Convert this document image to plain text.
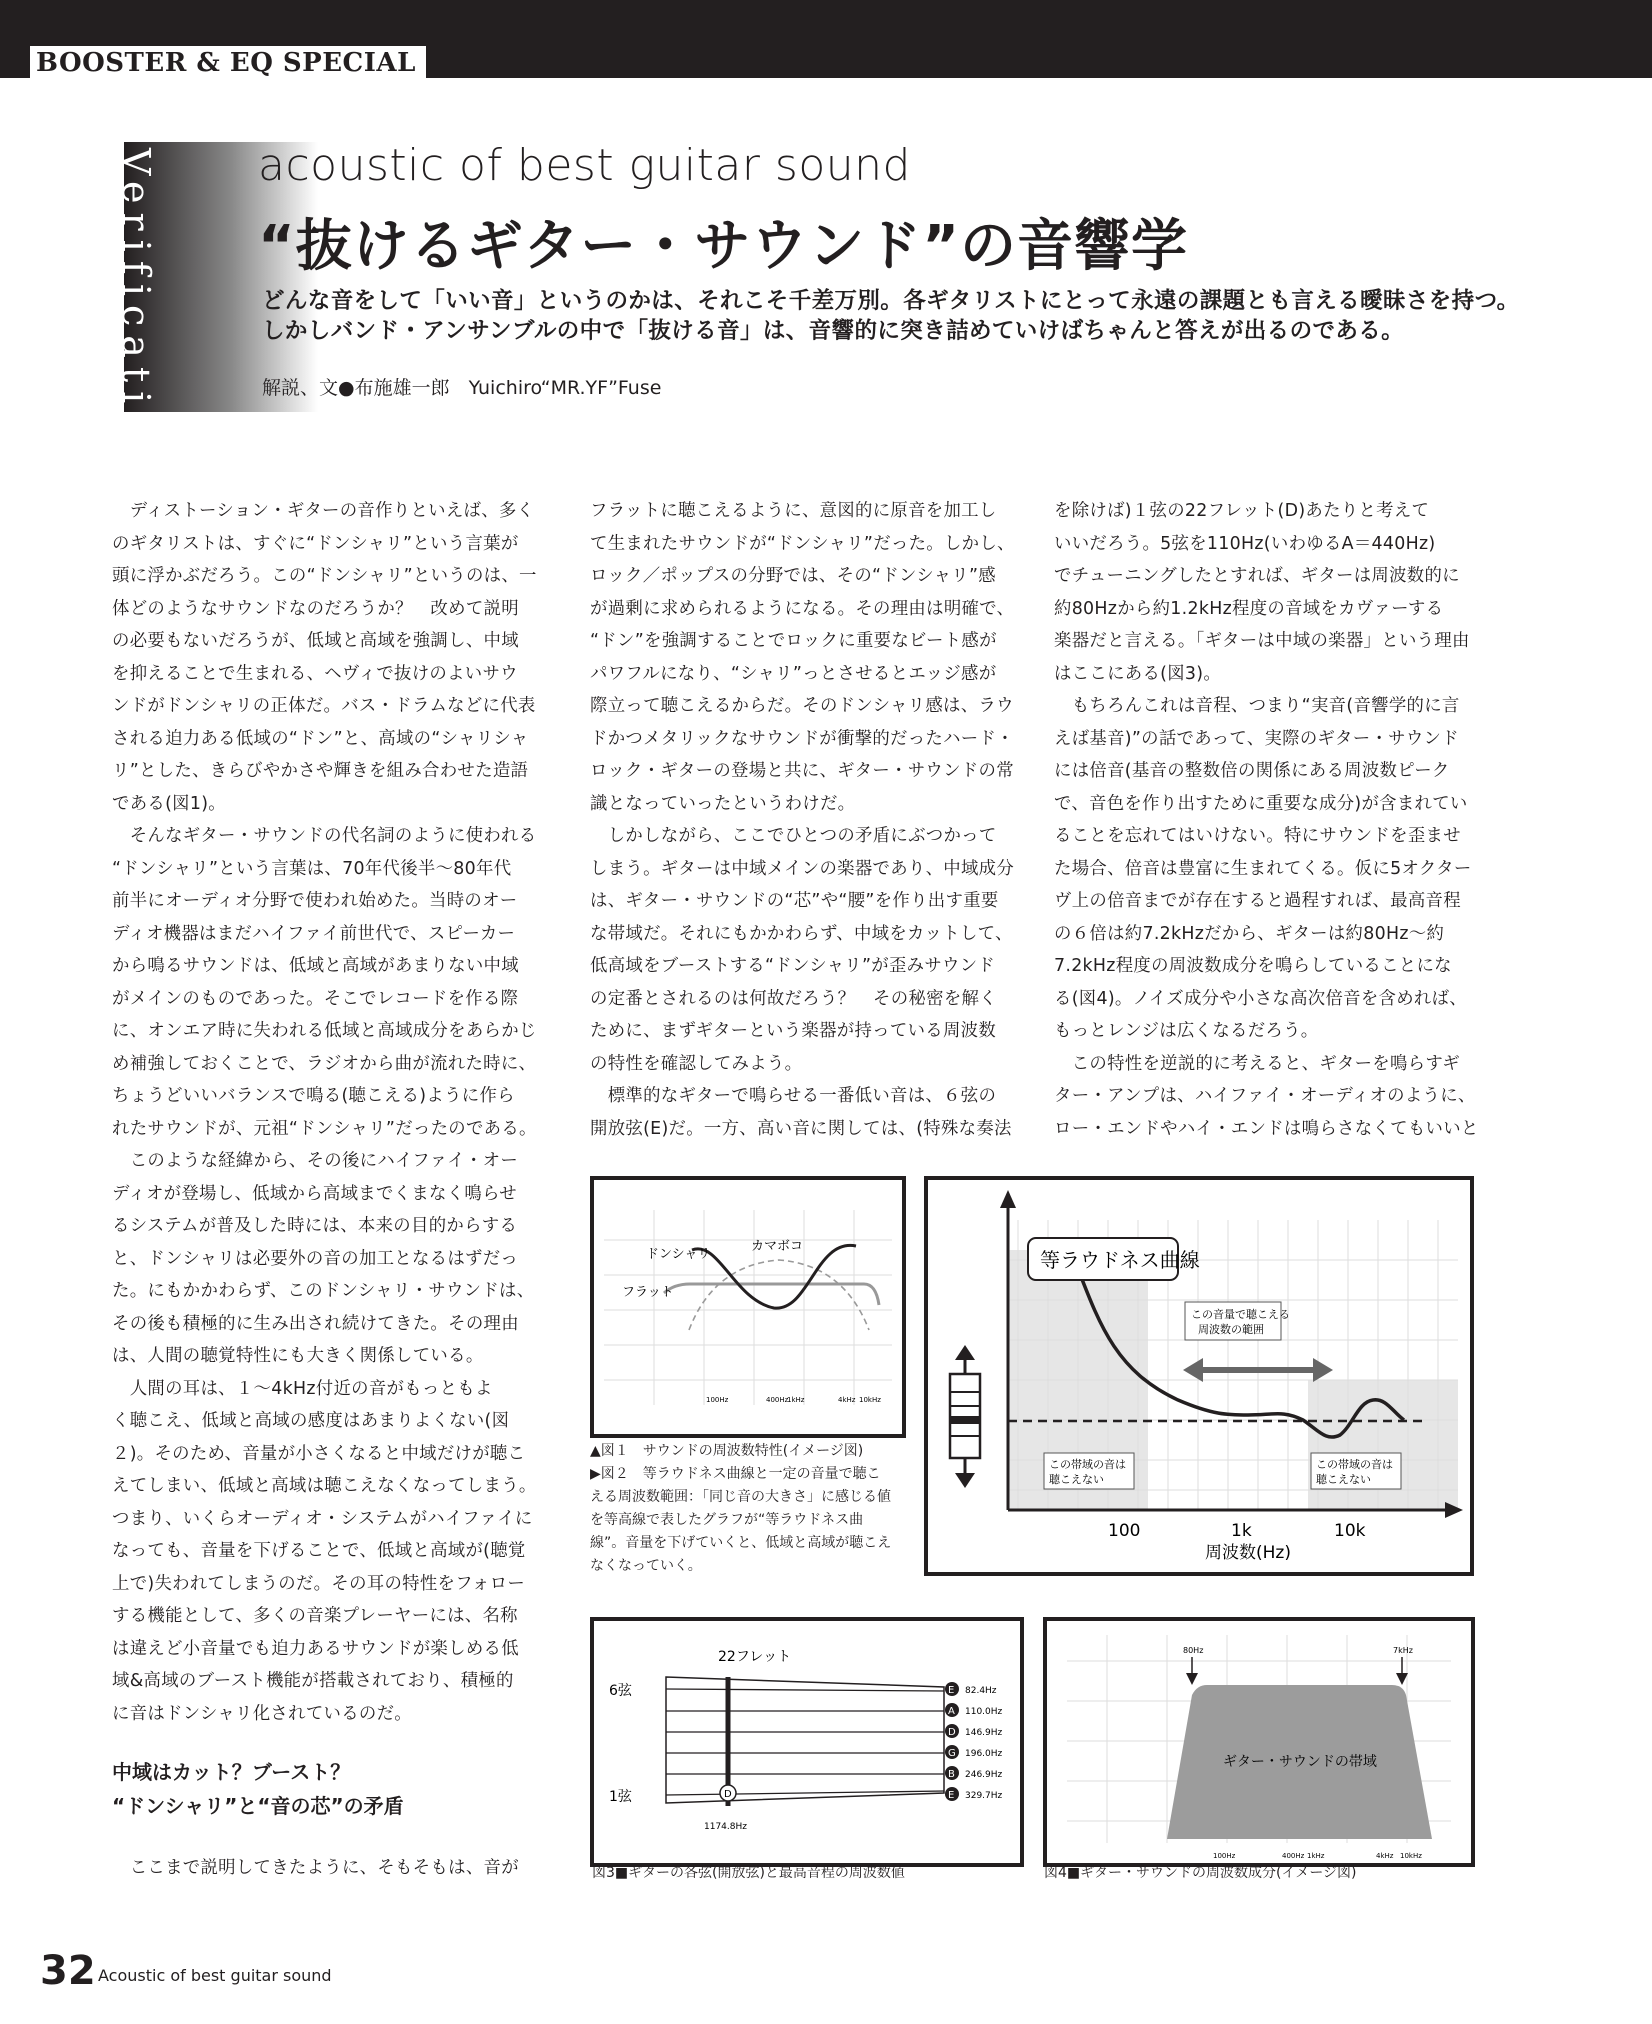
BOOSTER & EQ SPECIAL
Verification acoustic of best guitar sound
“抜けるギター・サウンド”の音響学
どんな音をして「いい音」というのかは、それこそ千差万別。各ギタリストにとって永遠の課題とも言える曖昧さを持つ。
しかしバンド・アンサンブルの中で「抜ける音」は、音響的に突き詰めていけばちゃんと答えが出るのである。
解説、文●布施雄一郎　Yuichiro“MR.YF”Fuse

　ディストーション・ギターの音作りといえば、多く

のギタリストは、すぐに“ドンシャリ”という言葉が

頭に浮かぶだろう。この“ドンシャリ”というのは、一

体どのようなサウンドなのだろうか？　改めて説明

の必要もないだろうが、低域と高域を強調し、中域

を抑えることで生まれる、ヘヴィで抜けのよいサウ

ンドがドンシャリの正体だ。バス・ドラムなどに代表

される迫力ある低域の“ドン”と、高域の“シャリシャ

リ”とした、きらびやかさや輝きを組み合わせた造語

である(図1)。

　そんなギター・サウンドの代名詞のように使われる

“ドンシャリ”という言葉は、70年代後半〜80年代

前半にオーディオ分野で使われ始めた。当時のオー

ディオ機器はまだハイファイ前世代で、スピーカー

から鳴るサウンドは、低域と高域があまりない中域

がメインのものであった。そこでレコードを作る際

に、オンエア時に失われる低域と高域成分をあらかじ

め補強しておくことで、ラジオから曲が流れた時に、

ちょうどいいバランスで鳴る(聴こえる)ように作ら

れたサウンドが、元祖“ドンシャリ”だったのである。

　このような経緯から、その後にハイファイ・オー

ディオが登場し、低域から高域までくまなく鳴らせ

るシステムが普及した時には、本来の目的からする

と、ドンシャリは必要外の音の加工となるはずだっ

た。にもかかわらず、このドンシャリ・サウンドは、

その後も積極的に生み出され続けてきた。その理由

は、人間の聴覚特性にも大きく関係している。

　人間の耳は、１〜4kHz付近の音がもっともよ

く聴こえ、低域と高域の感度はあまりよくない(図

２)。そのため、音量が小さくなると中域だけが聴こ

えてしまい、低域と高域は聴こえなくなってしまう。

つまり、いくらオーディオ・システムがハイファイに

なっても、音量を下げることで、低域と高域が(聴覚

上で)失われてしまうのだ。その耳の特性をフォロー

する機能として、多くの音楽プレーヤーには、名称

は違えど小音量でも迫力あるサウンドが楽しめる低

域&高域のブースト機能が搭載されており、積極的

に音はドンシャリ化されているのだ。

中域はカット？ブースト？
“ドンシャリ”と“音の芯”の矛盾
　ここまで説明してきたように、そもそもは、音が

フラットに聴こえるように、意図的に原音を加工し

て生まれたサウンドが“ドンシャリ”だった。しかし、

ロック／ポップスの分野では、その“ドンシャリ”感

が過剰に求められるようになる。その理由は明確で、

“ドン”を強調することでロックに重要なビート感が

パワフルになり、“シャリ”っとさせるとエッジ感が

際立って聴こえるからだ。そのドンシャリ感は、ラウ

ドかつメタリックなサウンドが衝撃的だったハード・

ロック・ギターの登場と共に、ギター・サウンドの常

識となっていったというわけだ。

　しかしながら、ここでひとつの矛盾にぶつかって

しまう。ギターは中域メインの楽器であり、中域成分

は、ギター・サウンドの“芯”や“腰”を作り出す重要

な帯域だ。それにもかかわらず、中域をカットして、

低高域をブーストする“ドンシャリ”が歪みサウンド

の定番とされるのは何故だろう？　その秘密を解く

ために、まずギターという楽器が持っている周波数

の特性を確認してみよう。

　標準的なギターで鳴らせる一番低い音は、６弦の

開放弦(E)だ。一方、高い音に関しては、(特殊な奏法

を除けば)１弦の22フレット(D)あたりと考えて

いいだろう。5弦を110Hz(いわゆるA＝440Hz)

でチューニングしたとすれば、ギターは周波数的に

約80Hzから約1.2kHz程度の音域をカヴァーする

楽器だと言える。「ギターは中域の楽器」という理由

はここにある(図3)。

　もちろんこれは音程、つまり“実音(音響学的に言

えば基音)”の話であって、実際のギター・サウンド

には倍音(基音の整数倍の関係にある周波数ピーク

で、音色を作り出すために重要な成分)が含まれてい

ることを忘れてはいけない。特にサウンドを歪ませ

た場合、倍音は豊富に生まれてくる。仮に5オクター

ヴ上の倍音までが存在すると過程すれば、最高音程

の６倍は約7.2kHzだから、ギターは約80Hz〜約

7.2kHz程度の周波数成分を鳴らしていることにな

る(図4)。ノイズ成分や小さな高次倍音を含めれば、

もっとレンジは広くなるだろう。

　この特性を逆説的に考えると、ギターを鳴らすギ

ター・アンプは、ハイファイ・オーディオのように、

ロー・エンドやハイ・エンドは鳴らさなくてもいいと

ドンシャリ
カマボコ
フラット
100Hz	400Hz
1kHz	4kHz 10kHz
等ラウドネス曲線
この音量で聴こえる
周波数の範囲
この帯域の音は
聴こえない
この帯域の音は
聴こえない
100	1k	10k
周波数(Hz)
▲図１　サウンドの周波数特性(イメージ図)
▶図２　等ラウドネス曲線と一定の音量で聴こ
える周波数範囲：「同じ音の大きさ」に感じる値
を等高線で表したグラフが“等ラウドネス曲
線”。音量を下げていくと、低域と高域が聴こえ
なくなっていく。
22フレット
6弦
1弦	D
1174.8Hz
E
A
D
G
B
E
82.4Hz
110.0Hz
146.9Hz
196.0Hz
246.9Hz
329.7Hz
図3■ギターの各弦(開放弦)と最高音程の周波数値
ギター・サウンドの帯域
80Hz	7kHz
100Hz	400Hz 1kHz	4kHz 10kHz
図4■ギター・サウンドの周波数成分(イメージ図)
32 Acoustic of best guitar sound
